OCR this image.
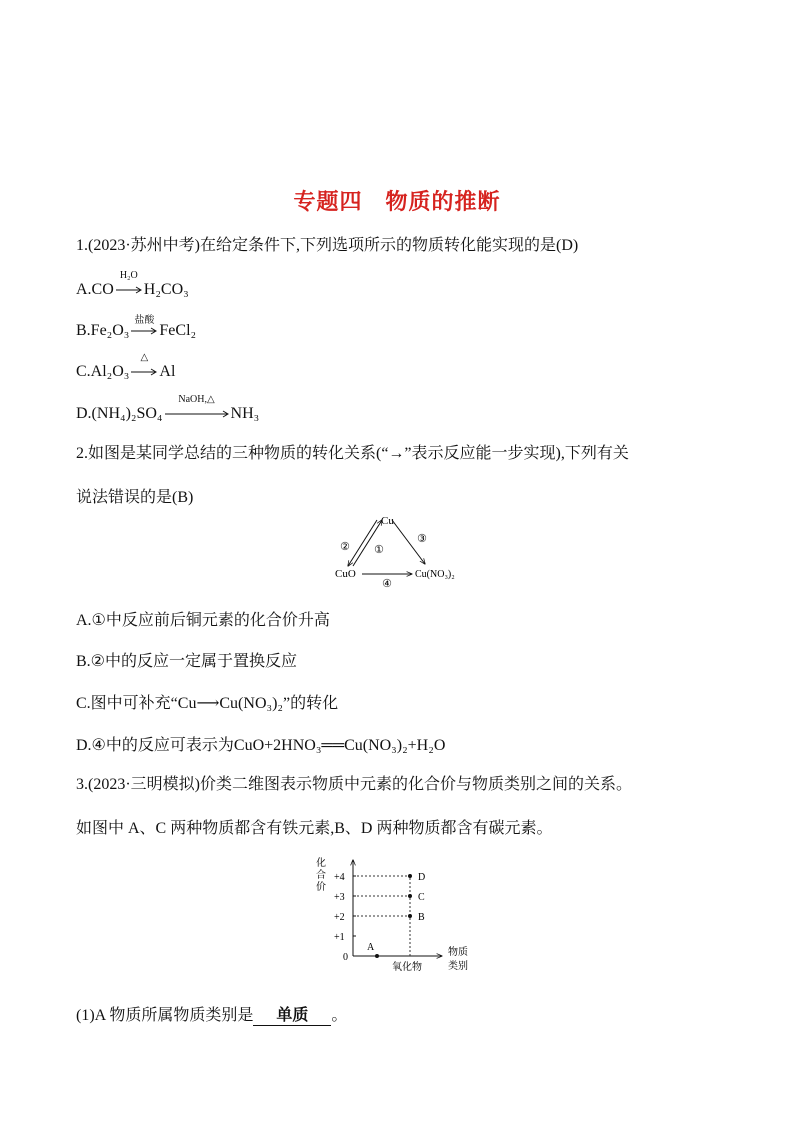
专题四　物质的推断
1.(2023·苏州中考)在给定条件下,下列选项所示的物质转化能实现的是(D)
A.CO
H₂O
H₂CO₃
B.Fe₂O₃
盐酸
FeCl₂
C.Al₂O₃
△
Al
D.(NH₄)₂SO₄
NaOH,△
NH₃
2.如图是某同学总结的三种物质的转化关系(“→”表示反应能一步实现),下列有关
说法错误的是(B)
Cu
CuO	Cu(NO₃)₂
② ①
③
④
A.①中反应前后铜元素的化合价升高
B.②中的反应一定属于置换反应
C.图中可补充“Cu⟶Cu(NO₃)₂”的转化
D.④中的反应可表示为CuO+2HNO₃══Cu(NO₃)₂+H₂O
3.(2023·三明模拟)价类二维图表示物质中元素的化合价与物质类别之间的关系。
如图中 A、C 两种物质都含有铁元素,B、D 两种物质都含有碳元素。
化
合
价
0
+1
+2
+3
+4
A
B
C
D
氧化物
物质
类别
(1)A 物质所属物质类别是 单质 。
